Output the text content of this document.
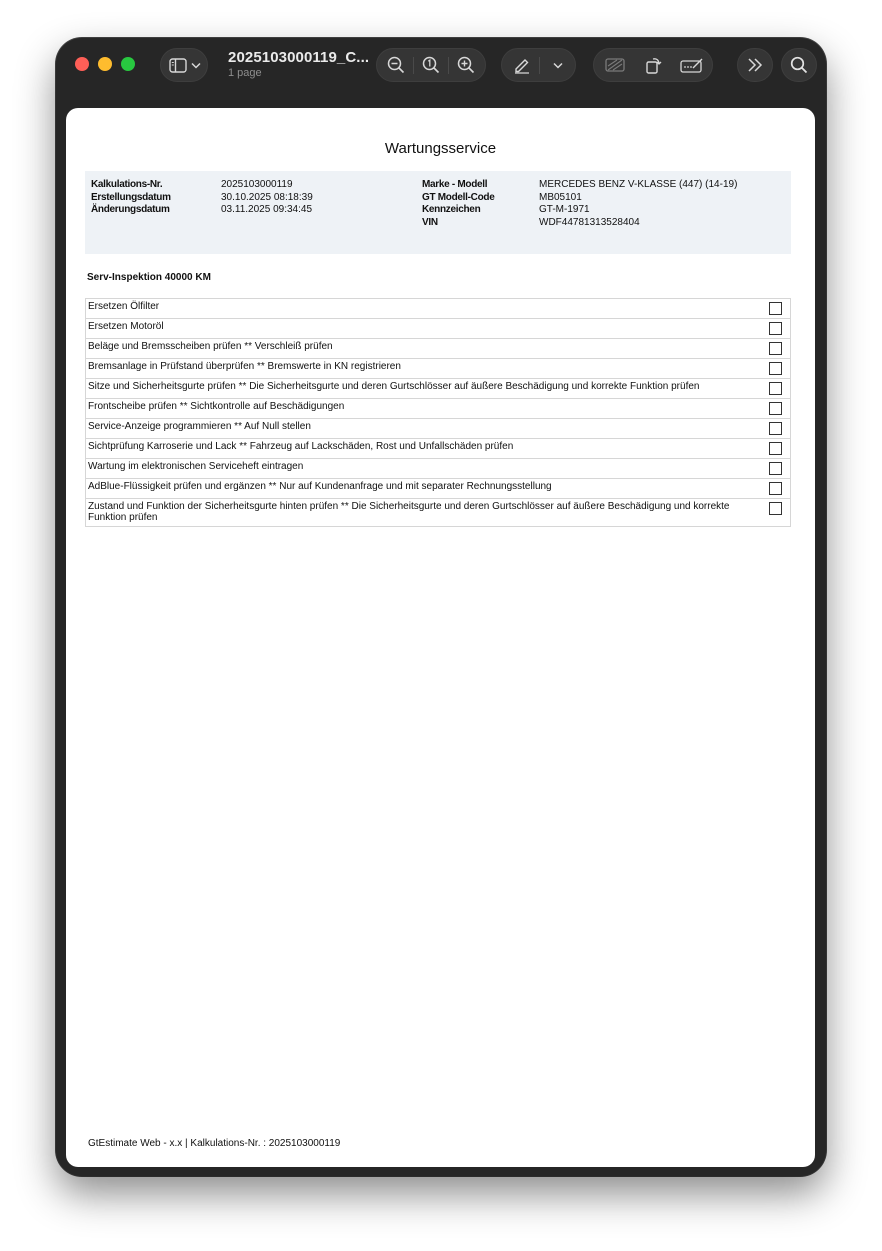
2025103000119_C...
1 page
Wartungsservice
Kalkulations-Nr.
Erstellungsdatum
Änderungsdatum
2025103000119
30.10.2025 08:18:39
03.11.2025 09:34:45
Marke - Modell
GT Modell-Code
Kennzeichen
VIN
MERCEDES BENZ V-KLASSE (447) (14-19)
MB05101
GT-M-1971
WDF44781313528404
Serv-Inspektion 40000 KM
Ersetzen Ölfilter
Ersetzen Motoröl
Beläge und Bremsscheiben prüfen ** Verschleiß prüfen
Bremsanlage in Prüfstand überprüfen ** Bremswerte in KN registrieren
Sitze und Sicherheitsgurte prüfen ** Die Sicherheitsgurte und deren Gurtschlösser auf äußere Beschädigung und korrekte Funktion prüfen
Frontscheibe prüfen ** Sichtkontrolle auf Beschädigungen
Service-Anzeige programmieren ** Auf Null stellen
Sichtprüfung Karroserie und Lack ** Fahrzeug auf Lackschäden, Rost und Unfallschäden prüfen
Wartung im elektronischen Serviceheft eintragen
AdBlue-Flüssigkeit prüfen und ergänzen ** Nur auf Kundenanfrage und mit separater Rechnungsstellung
Zustand und Funktion der Sicherheitsgurte hinten prüfen ** Die Sicherheitsgurte und deren Gurtschlösser auf äußere Beschädigung und korrekte Funktion prüfen
GtEstimate Web - x.x | Kalkulations-Nr. : 2025103000119
